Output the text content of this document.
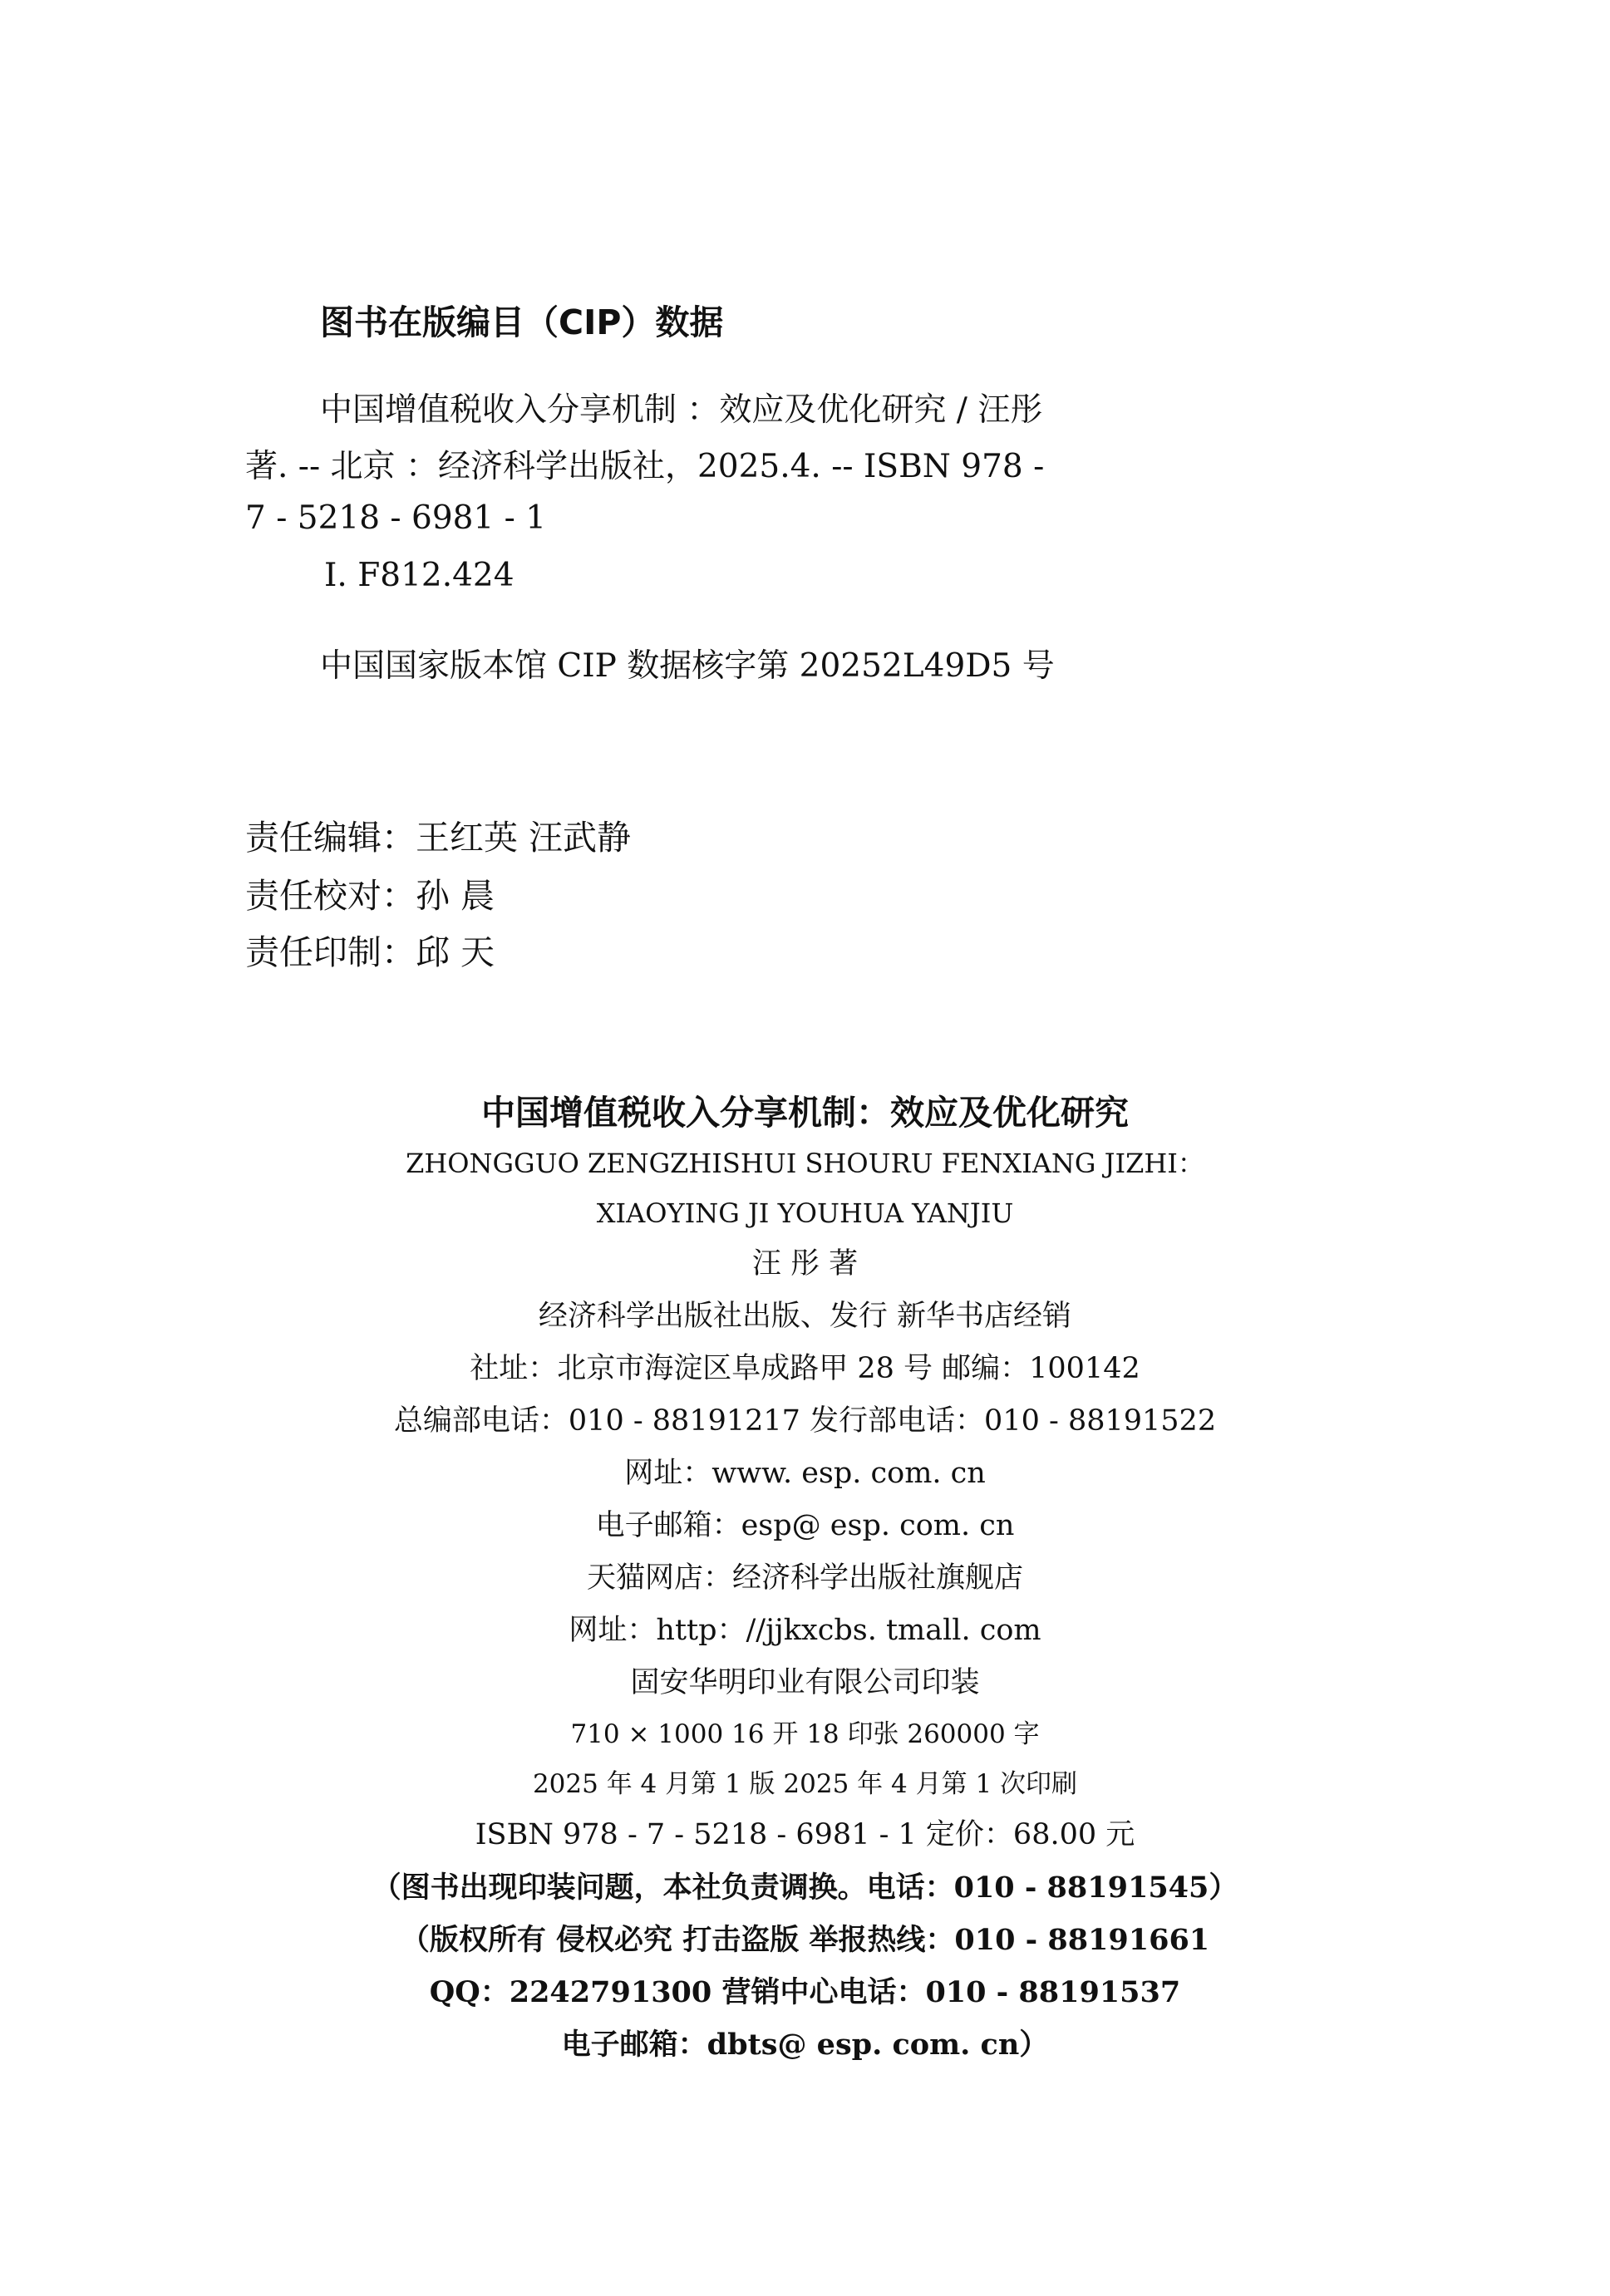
图书在版编目（CIP）数据
中国增值税收入分享机制 ：效应及优化研究 / 汪彤
著. -- 北京 ：经济科学出版社，2025.4. -- ISBN 978 -
7 - 5218 - 6981 - 1
Ⅰ. F812.424
中国国家版本馆 CIP 数据核字第 20252L49D5 号
责任编辑：王红英 汪武静
责任校对：孙 晨
责任印制：邱 天
中国增值税收入分享机制：效应及优化研究
ZHONGGUO ZENGZHISHUI SHOURU FENXIANG JIZHI：
XIAOYING JI YOUHUA YANJIU
汪 彤 著
经济科学出版社出版、发行 新华书店经销
社址：北京市海淀区阜成路甲 28 号 邮编：100142
总编部电话：010 - 88191217 发行部电话：010 - 88191522
网址：www. esp. com. cn
电子邮箱：esp@ esp. com. cn
天猫网店：经济科学出版社旗舰店
网址：http：//jjkxcbs. tmall. com
固安华明印业有限公司印装
710 × 1000 16 开 18 印张 260000 字
2025 年 4 月第 1 版 2025 年 4 月第 1 次印刷
ISBN 978 - 7 - 5218 - 6981 - 1 定价：68.00 元
（图书出现印装问题，本社负责调换。电话：010 - 88191545）
（版权所有 侵权必究 打击盗版 举报热线：010 - 88191661
QQ：2242791300 营销中心电话：010 - 88191537
电子邮箱：dbts@ esp. com. cn）
